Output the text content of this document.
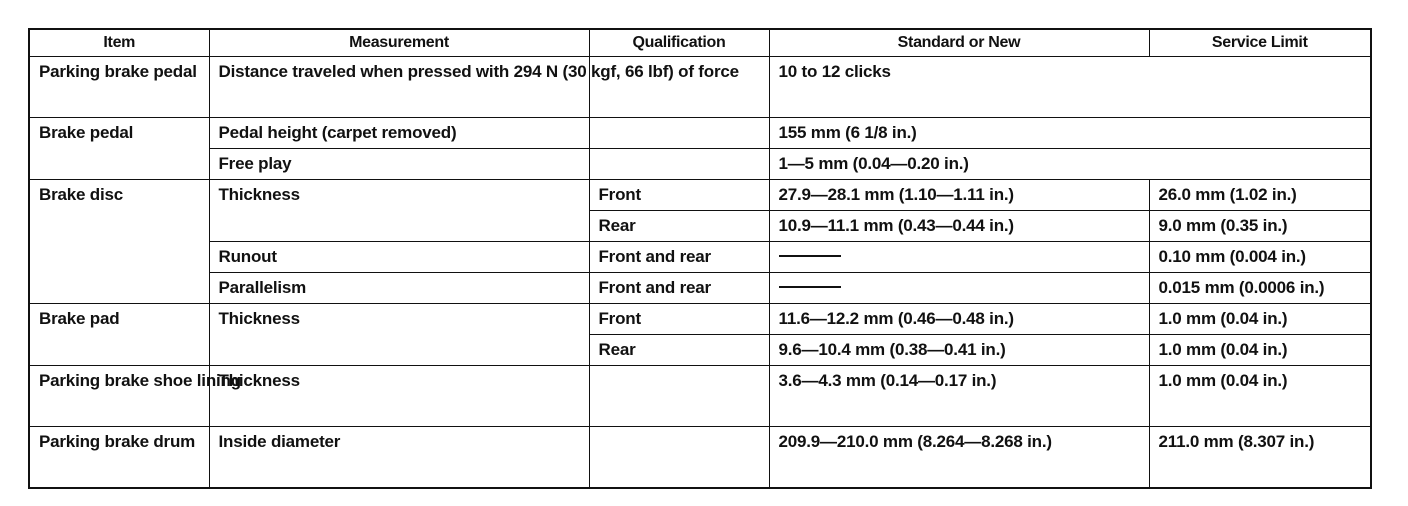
Item	Measurement	Qualification	Standard or New	Service Limit
Parking brake pedal	Distance traveled when pressed with 294 N (30 kgf, 66 lbf) of force		10 to 12 clicks	
Brake pedal	Pedal height (carpet removed)		155 mm (6 1/8 in.)	
	Free play		1—5 mm (0.04—0.20 in.)	
Brake disc	Thickness	Front	27.9—28.1 mm (1.10—1.11 in.)	26.0 mm (1.02 in.)
		Rear	10.9—11.1 mm (0.43—0.44 in.)	9.0 mm (0.35 in.)
	Runout	Front and rear		0.10 mm (0.004 in.)
	Parallelism	Front and rear		0.015 mm (0.0006 in.)
Brake pad	Thickness	Front	11.6—12.2 mm (0.46—0.48 in.)	1.0 mm (0.04 in.)
		Rear	9.6—10.4 mm (0.38—0.41 in.)	1.0 mm (0.04 in.)
Parking brake shoe lining	Thickness		3.6—4.3 mm (0.14—0.17 in.)	1.0 mm (0.04 in.)
Parking brake drum	Inside diameter		209.9—210.0 mm (8.264—8.268 in.)	211.0 mm (8.307 in.)
